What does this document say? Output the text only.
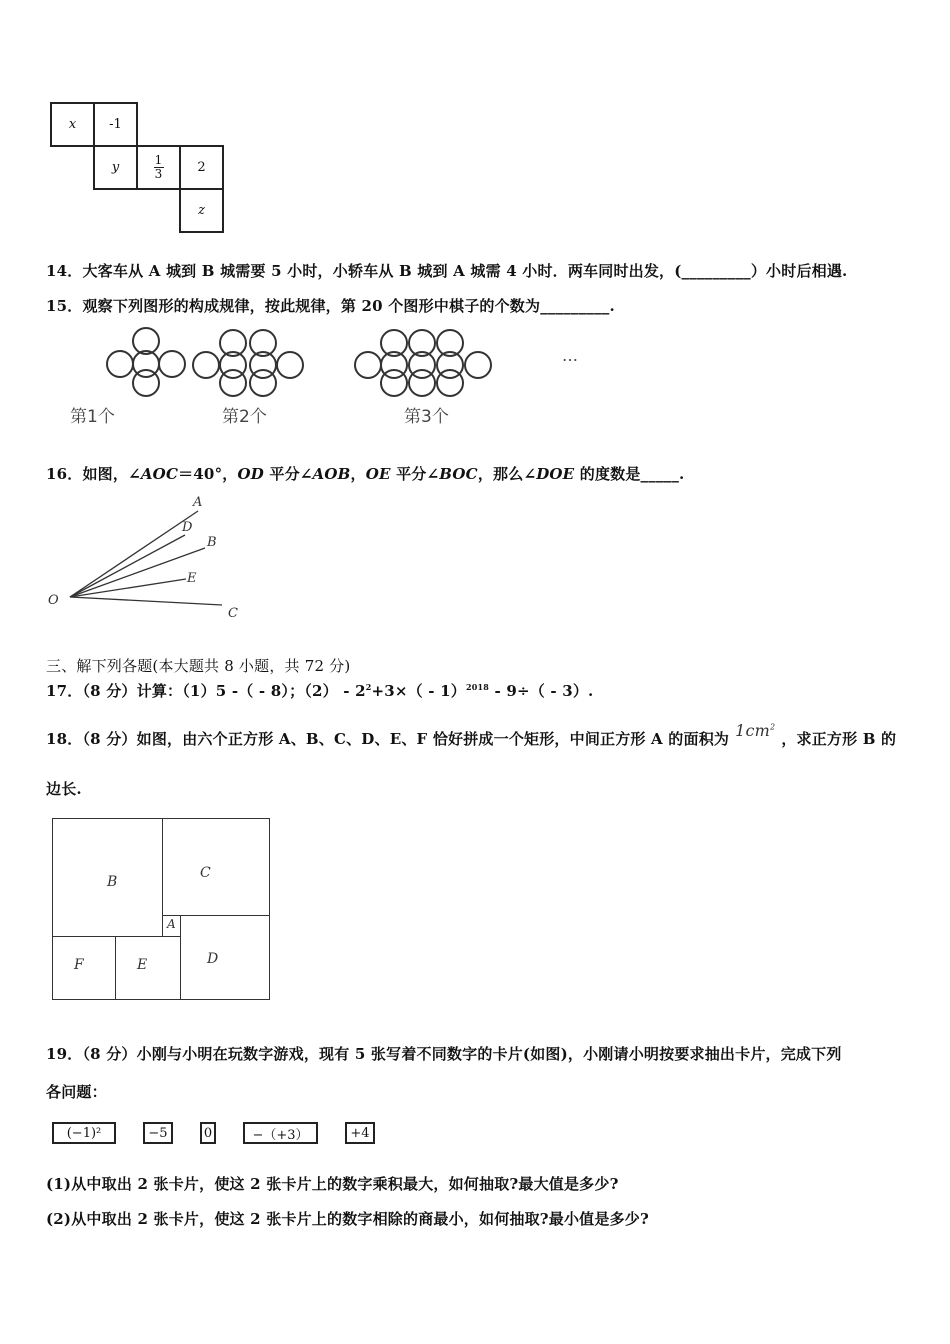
x	-1
y	$\frac{1}{3}$	2
z
14．大客车从 A 城到 B 城需要 5 小时，小轿车从 B 城到 A 城需 4 小时．两车同时出发，(_________）小时后相遇.
15．观察下列图形的构成规律，按此规律，第 20 个图形中棋子的个数为_________.
…
第1个	第2个	第3个
16．如图，∠AOC＝40°，OD 平分∠AOB，OE 平分∠BOC，那么∠DOE 的度数是_____.
A
D
B
E
O
C
三、解下列各题(本大题共 8 小题，共 72 分)
17．（8 分）计算：（1）5 -（ - 8）；$(2) - 2^2+3\times( - 1)^{2018} - 9\div( - 3)$.
18．（8 分）如图，由六个正方形 A、B、C、D、E、F 恰好拼成一个矩形，中间正方形 A 的面积为 $1cm^2$，求正方形 B 的
边长.
B
C
A
F	E	D
19．（8 分）小刚与小明在玩数字游戏，现有 5 张写着不同数字的卡片(如图)，小刚请小明按要求抽出卡片，完成下列
各问题：
(−1)²	−5	0	−（+3）	+4
(1)从中取出 2 张卡片，使这 2 张卡片上的数字乘积最大，如何抽取?最大值是多少?
(2)从中取出 2 张卡片，使这 2 张卡片上的数字相除的商最小，如何抽取?最小值是多少?
